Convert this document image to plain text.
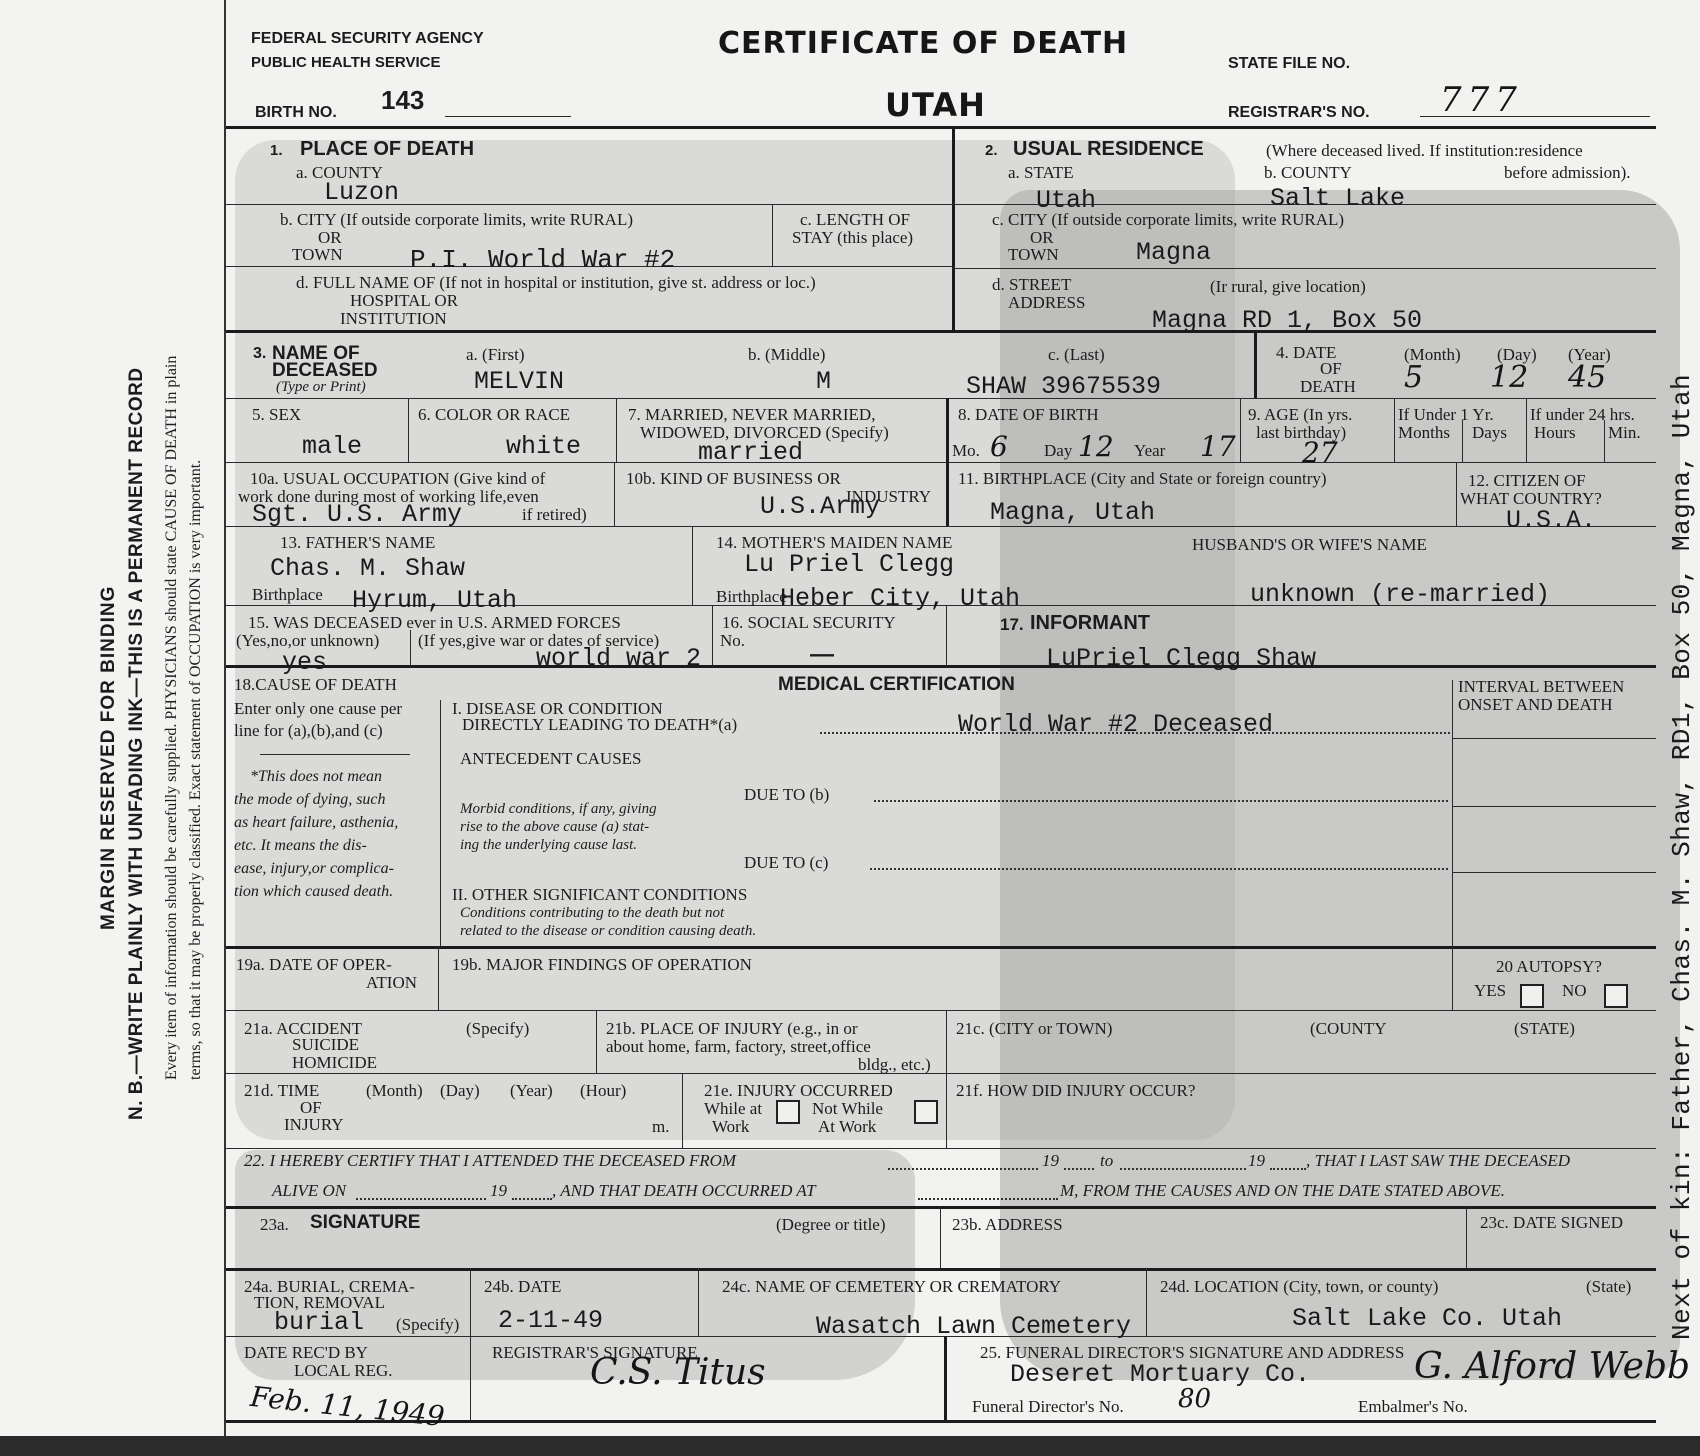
MARGIN RESERVED FOR BINDING N. B.—WRITE PLAINLY WITH UNFADING INK—THIS IS A PERMANENT RECORD Every item of information should be carefully supplied. PHYSICIANS should state CAUSE OF DEATH in plain terms, so that it may be properly classified. Exact statement of OCCUPATION is very important.
FEDERAL SECURITY AGENCY
PUBLIC HEALTH SERVICE
CERTIFICATE OF DEATH
UTAH
STATE FILE NO.
BIRTH NO. 143	REGISTRAR'S NO. 777
1. PLACE OF DEATH
a. COUNTY
Luzon
b. CITY (If outside corporate limits, write RURAL)
OR
TOWN	P.I. World War #2
c. LENGTH OF
STAY (this place)
d. FULL NAME OF (If not in hospital or institution, give st. address or loc.)
HOSPITAL OR
INSTITUTION
2. USUAL RESIDENCE	(Where deceased lived. If institution:residence
before admission).
a. STATE
Utah
b. COUNTY
Salt Lake
c. CITY (If outside corporate limits, write RURAL)
OR
TOWN	Magna
d. STREET
ADDRESS
(Ir rural, give location)
Magna RD 1, Box 50
3. NAME OF
DECEASED
(Type or Print)
a. (First)
MELVIN
b. (Middle)
M
c. (Last)
SHAW 39675539
4. DATE
OF
DEATH
(Month) (Day) (Year)
5 12 45
5. SEX
male
6. COLOR OR RACE
white
7. MARRIED, NEVER MARRIED,
WIDOWED, DIVORCED (Specify)
married
8. DATE OF BIRTH
Mo. 6 Day 12 Year 17
9. AGE (In yrs.
last birthday)
27
If Under 1 Yr.
Months Days
If under 24 hrs.
Hours Min.
10a. USUAL OCCUPATION (Give kind of
work done during most of working life,even
if retired)
Sgt. U.S. Army
10b. KIND OF BUSINESS OR
INDUSTRY
U.S.Army
11. BIRTHPLACE (City and State or foreign country)
Magna, Utah
12. CITIZEN OF
WHAT COUNTRY?
U.S.A.
13. FATHER'S NAME
Chas. M. Shaw
Birthplace Hyrum, Utah
14. MOTHER'S MAIDEN NAME
Lu Priel Clegg
Birthplace
Heber City, Utah
HUSBAND'S OR WIFE'S NAME
unknown (re-married)
15. WAS DECEASED ever in U.S. ARMED FORCES
(Yes,no,or unknown) (If yes,give war or dates of service)
yes	world war 2
16. SOCIAL SECURITY
No.
—
17. INFORMANT
LuPriel Clegg Shaw
18.CAUSE OF DEATH
Enter only one cause per
line for (a),(b),and (c)
*This does not mean
the mode of dying, such
as heart failure, asthenia,
etc. It means the dis-
ease, injury,or complica-
tion which caused death.
MEDICAL CERTIFICATION	INTERVAL BETWEEN
ONSET AND DEATH
I. DISEASE OR CONDITION
DIRECTLY LEADING TO DEATH*(a)	World War #2 Deceased
ANTECEDENT CAUSES
DUE TO (b)
Morbid conditions, if any, giving
rise to the above cause (a) stat-
ing the underlying cause last.
DUE TO (c)
II. OTHER SIGNIFICANT CONDITIONS
Conditions contributing to the death but not
related to the disease or condition causing death.
19a. DATE OF OPER-
ATION
19b. MAJOR FINDINGS OF OPERATION	20 AUTOPSY?
YES	NO
21a. ACCIDENT
SUICIDE
HOMICIDE
(Specify)	21b. PLACE OF INJURY (e.g., in or
about home, farm, factory, street,office
bldg., etc.)
21c. (CITY or TOWN)	(COUNTY	(STATE)
21d. TIME
OF
INJURY
(Month) (Day) (Year) (Hour)
m.
21e. INJURY OCCURRED
While at
Work
Not While
At Work
21f. HOW DID INJURY OCCUR?
22. I HEREBY CERTIFY THAT I ATTENDED THE DECEASED FROM	19 to	19 , THAT I LAST SAW THE DECEASED
ALIVE ON	19	, AND THAT DEATH OCCURRED AT	M, FROM THE CAUSES AND ON THE DATE STATED ABOVE.
23a. SIGNATURE	(Degree or title)	23b. ADDRESS	23c. DATE SIGNED
24a. BURIAL, CREMA-
TION, REMOVAL
burial (Specify)
24b. DATE
2-11-49
24c. NAME OF CEMETERY OR CREMATORY
Wasatch Lawn Cemetery
24d. LOCATION (City, town, or county)	(State)
Salt Lake Co. Utah
DATE REC'D BY
LOCAL REG.
Feb. 11, 1949
REGISTRAR'S SIGNATURE
C.S. Titus	25. FUNERAL DIRECTOR'S SIGNATURE AND ADDRESS
Deseret Mortuary Co.	G. Alford Webb
Funeral Director's No. 80	Embalmer's No.
Next of kin: Father, Chas. M. Shaw, RD1, Box 50, Magna, Utah
